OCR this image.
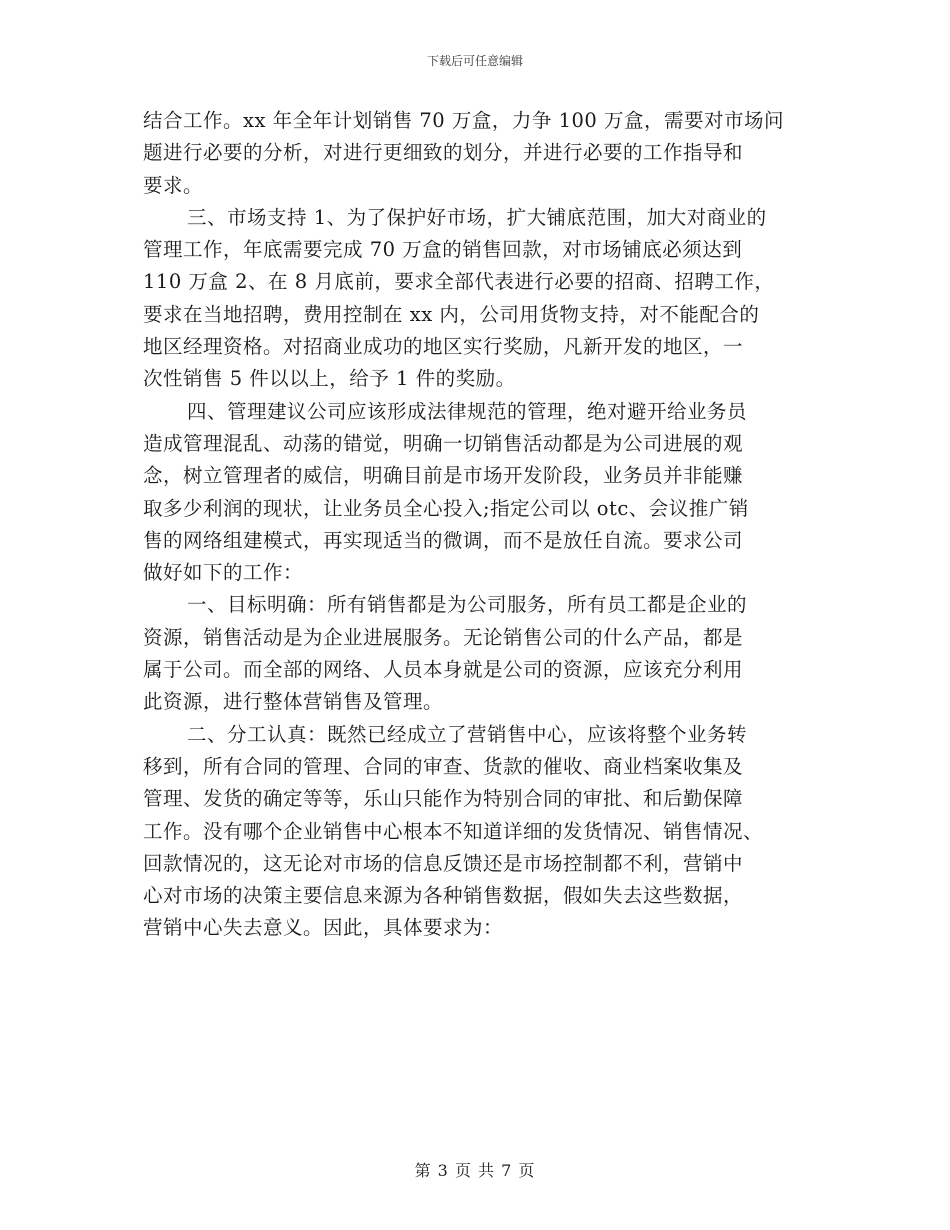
下载后可任意编辑
结合工作。xx 年全年计划销售 70 万盒，力争 100 万盒，需要对市场问
题进行必要的分析，对进行更细致的划分，并进行必要的工作指导和
要求。
三、市场支持 1、为了保护好市场，扩大铺底范围，加大对商业的
管理工作，年底需要完成 70 万盒的销售回款，对市场铺底必须达到
110 万盒 2、在 8 月底前，要求全部代表进行必要的招商、招聘工作，
要求在当地招聘，费用控制在 xx 内，公司用货物支持，对不能配合的
地区经理资格。对招商业成功的地区实行奖励，凡新开发的地区，一
次性销售 5 件以以上，给予 1 件的奖励。
四、管理建议公司应该形成法律规范的管理，绝对避开给业务员
造成管理混乱、动荡的错觉，明确一切销售活动都是为公司进展的观
念，树立管理者的威信，明确目前是市场开发阶段，业务员并非能赚
取多少利润的现状，让业务员全心投入;指定公司以 otc、会议推广销
售的网络组建模式，再实现适当的微调，而不是放任自流。要求公司
做好如下的工作：
一、目标明确：所有销售都是为公司服务，所有员工都是企业的
资源，销售活动是为企业进展服务。无论销售公司的什么产品，都是
属于公司。而全部的网络、人员本身就是公司的资源，应该充分利用
此资源，进行整体营销售及管理。
二、分工认真：既然已经成立了营销售中心，应该将整个业务转
移到，所有合同的管理、合同的审查、货款的催收、商业档案收集及
管理、发货的确定等等，乐山只能作为特别合同的审批、和后勤保障
工作。没有哪个企业销售中心根本不知道详细的发货情况、销售情况、
回款情况的，这无论对市场的信息反馈还是市场控制都不利，营销中
心对市场的决策主要信息来源为各种销售数据，假如失去这些数据，
营销中心失去意义。因此，具体要求为：
第 3 页 共 7 页
